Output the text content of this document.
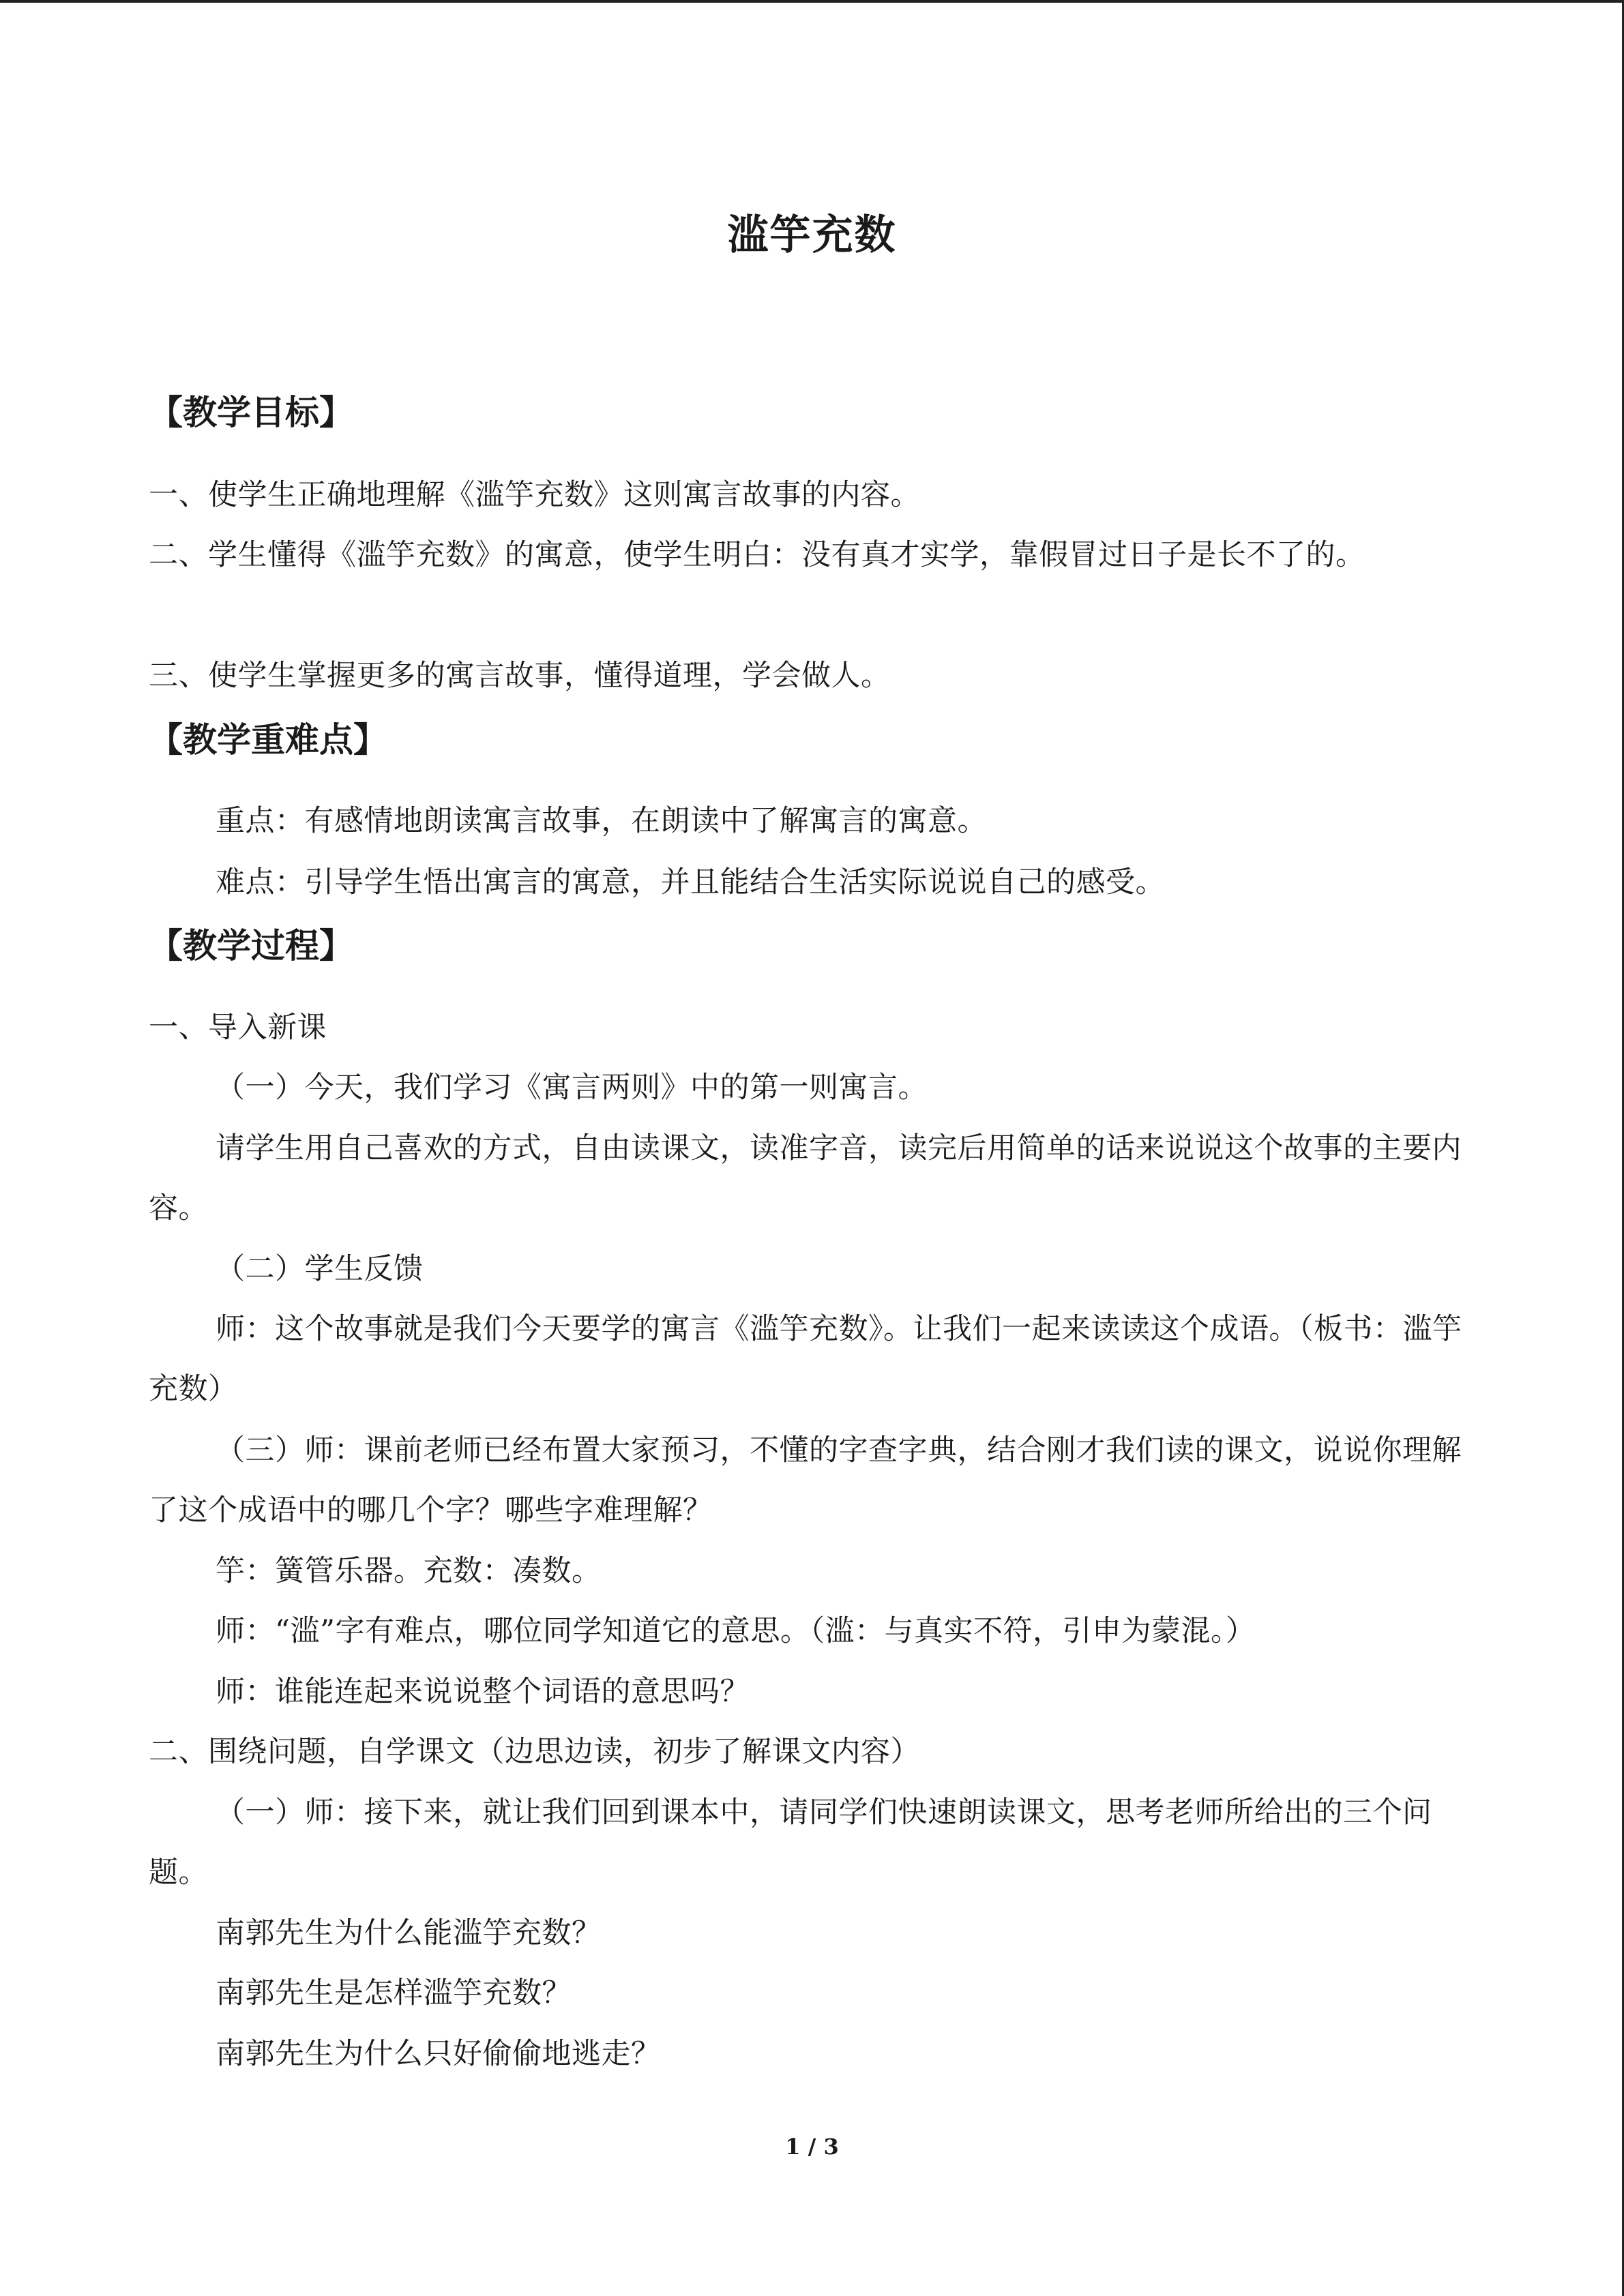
滥竽充数
【教学目标】

一、使学生正确地理解《滥竽充数》这则寓言故事的内容。

二、学生懂得《滥竽充数》的寓意，使学生明白：没有真才实学，靠假冒过日子是长不了的。

三、使学生掌握更多的寓言故事，懂得道理，学会做人。

【教学重难点】

重点：有感情地朗读寓言故事，在朗读中了解寓言的寓意。

难点：引导学生悟出寓言的寓意，并且能结合生活实际说说自己的感受。

【教学过程】

一、导入新课

（一）今天，我们学习《寓言两则》中的第一则寓言。

请学生用自己喜欢的方式，自由读课文，读准字音，读完后用简单的话来说说这个故事的主要内容。

（二）学生反馈

师：这个故事就是我们今天要学的寓言《滥竽充数》。让我们一起来读读这个成语。（板书：滥竽充数）

（三）师：课前老师已经布置大家预习，不懂的字查字典，结合刚才我们读的课文，说说你理解了这个成语中的哪几个字？哪些字难理解？

竽：簧管乐器。充数：凑数。

师：“滥”字有难点，哪位同学知道它的意思。（滥：与真实不符，引申为蒙混。）

师：谁能连起来说说整个词语的意思吗？

二、围绕问题，自学课文（边思边读，初步了解课文内容）

（一）师：接下来，就让我们回到课本中，请同学们快速朗读课文，思考老师所给出的三个问题。

南郭先生为什么能滥竽充数？

南郭先生是怎样滥竽充数？

南郭先生为什么只好偷偷地逃走？

1 / 3
